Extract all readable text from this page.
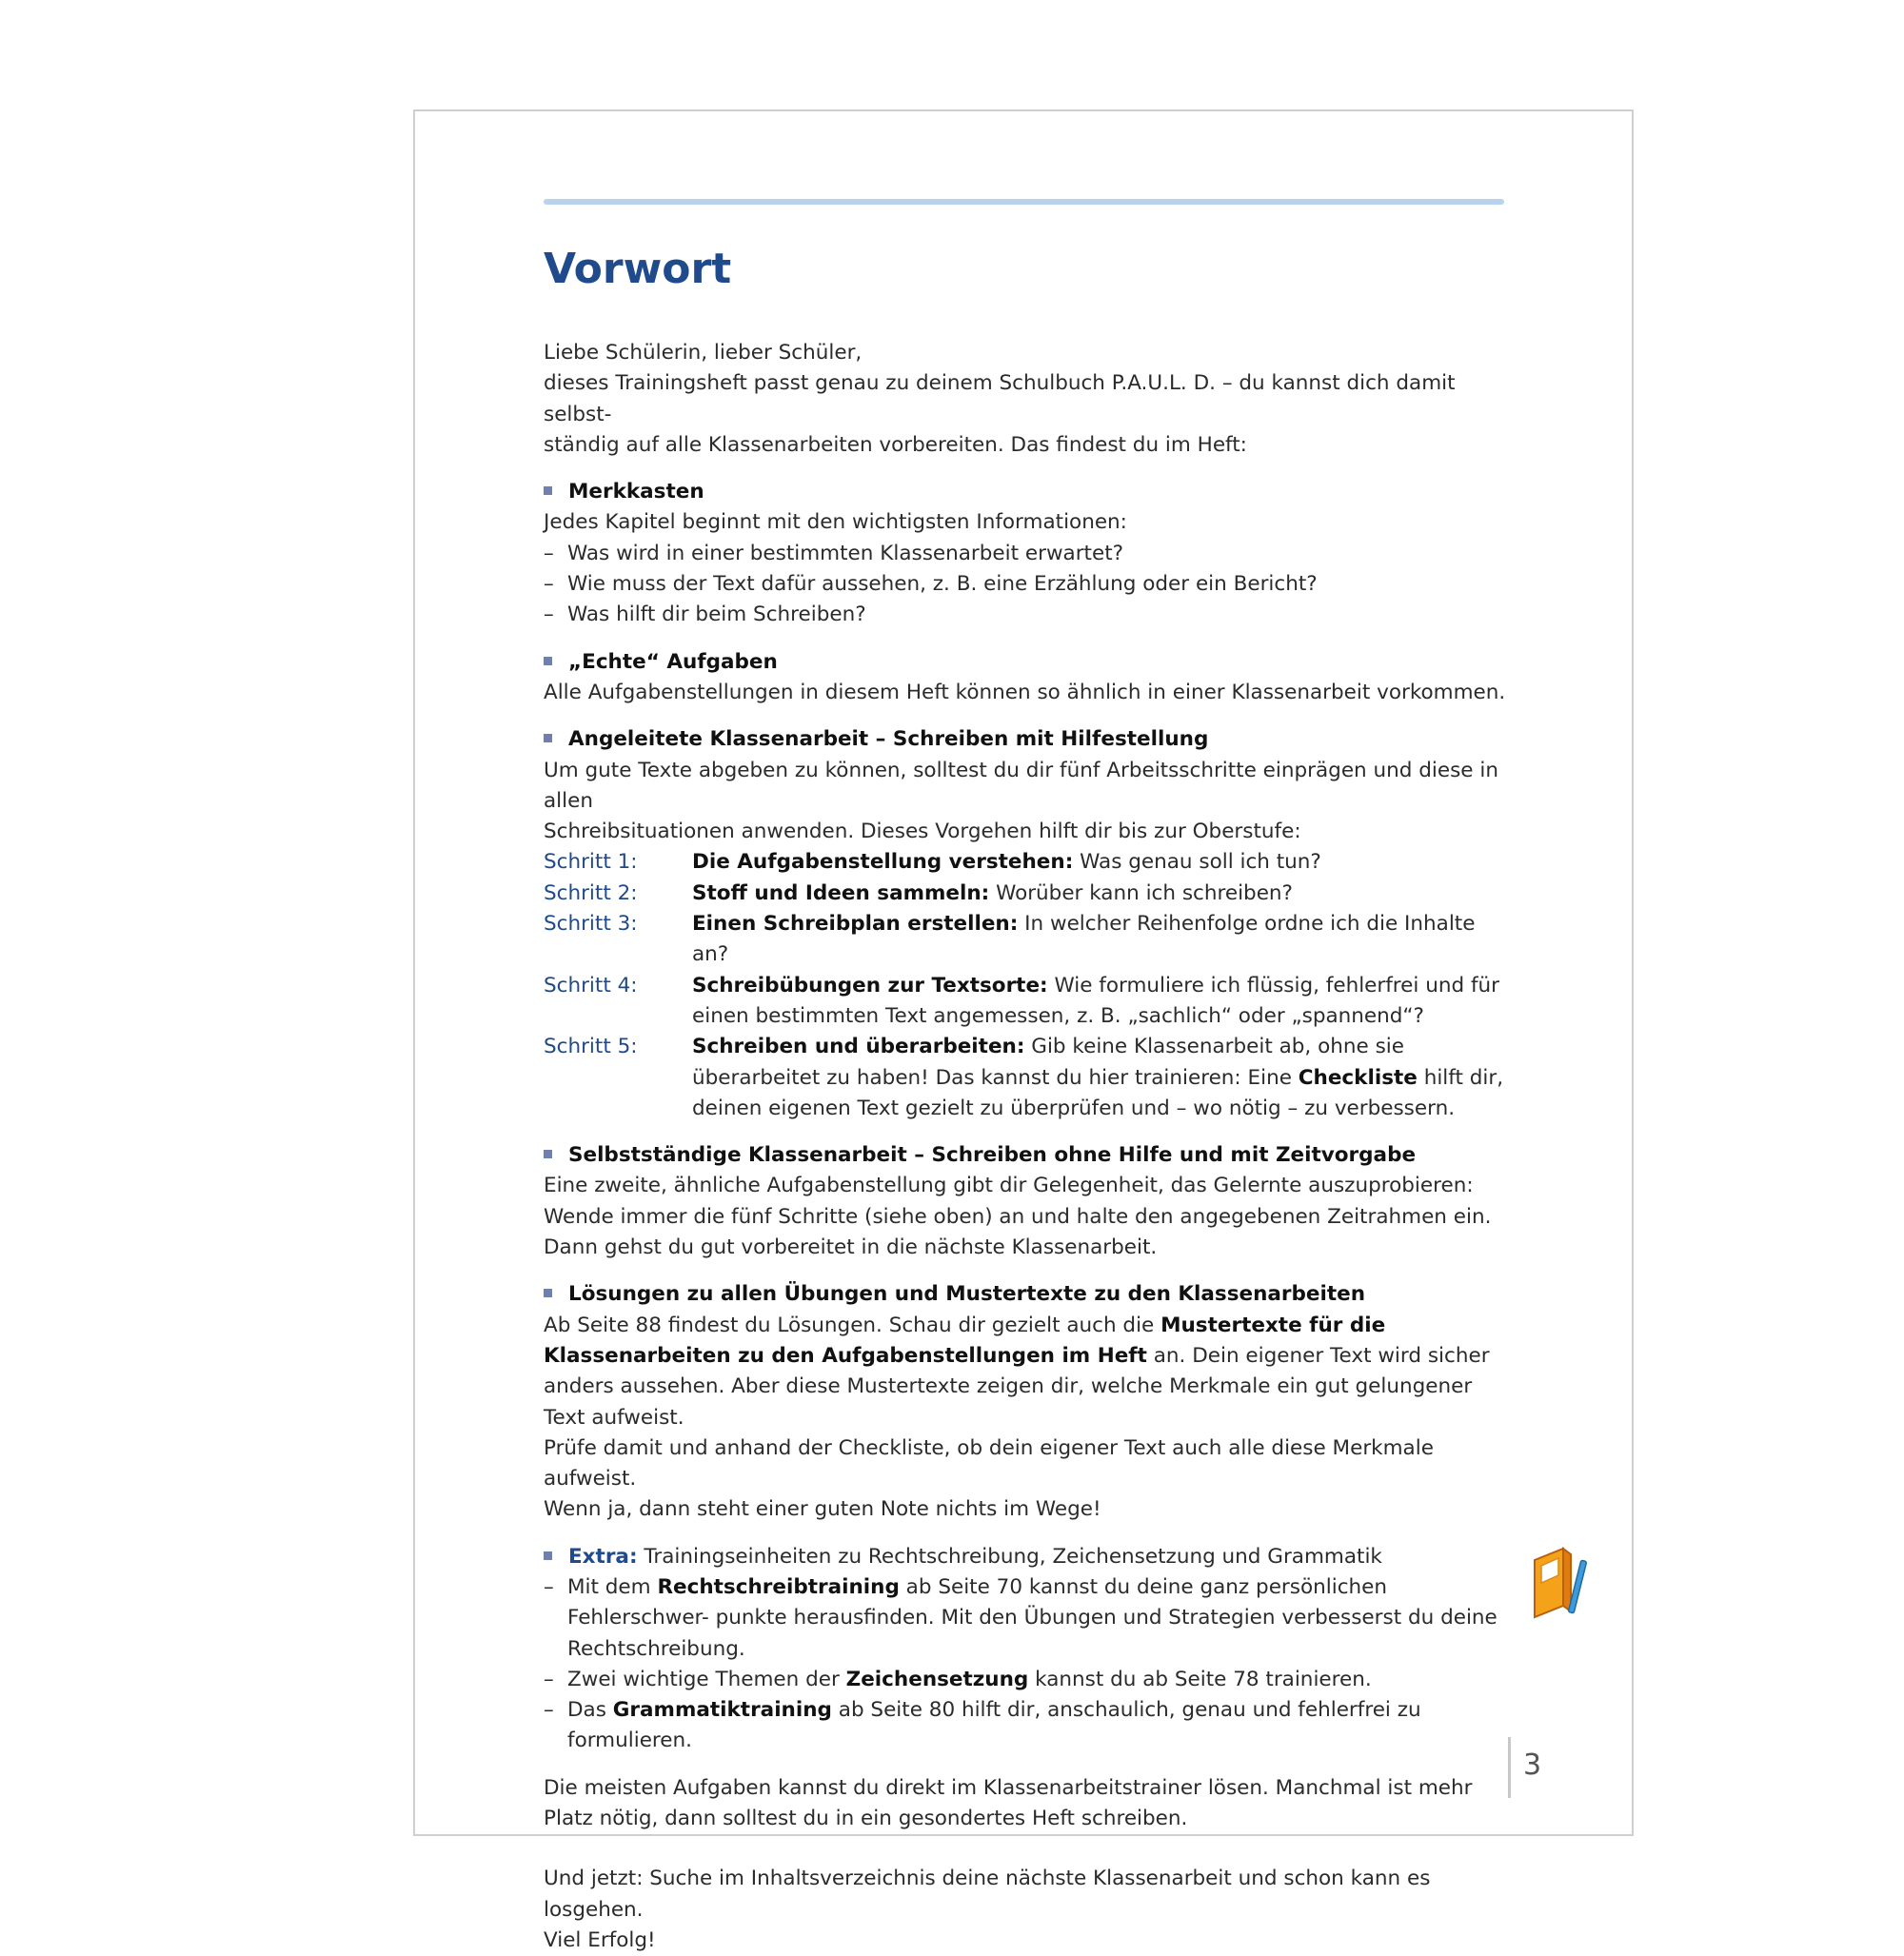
Vorwort

Liebe Schülerin, lieber Schüler,

dieses Trainingsheft passt genau zu deinem Schulbuch P.A.U.L. D. – du kannst dich damit selbst-

ständig auf alle Klassenarbeiten vorbereiten. Das findest du im Heft:

Merkkasten

Jedes Kapitel beginnt mit den wichtigsten Informationen:

– Was wird in einer bestimmten Klassenarbeit erwartet?
– Wie muss der Text dafür aussehen, z. B. eine Erzählung oder ein Bericht?
– Was hilft dir beim Schreiben?

„Echte“ Aufgaben

Alle Aufgabenstellungen in diesem Heft können so ähnlich in einer Klassenarbeit vorkommen.

Angeleitete Klassenarbeit – Schreiben mit Hilfestellung

Um gute Texte abgeben zu können, solltest du dir fünf Arbeitsschritte einprägen und diese in allen

Schreibsituationen anwenden. Dieses Vorgehen hilft dir bis zur Oberstufe:

Schritt 1:	Die Aufgabenstellung verstehen: Was genau soll ich tun?
Schritt 2:	Stoff und Ideen sammeln: Worüber kann ich schreiben?
Schritt 3:	Einen Schreibplan erstellen: In welcher Reihenfolge ordne ich die Inhalte an?
Schritt 4:	Schreibübungen zur Textsorte: Wie formuliere ich flüssig, fehlerfrei und für einen bestimmten Text angemessen, z. B. „sachlich“ oder „spannend“?
Schritt 5:	Schreiben und überarbeiten: Gib keine Klassenarbeit ab, ohne sie überarbeitet zu haben! Das kannst du hier trainieren: Eine Checkliste hilft dir, deinen eigenen Text gezielt zu überprüfen und – wo nötig – zu verbessern.

Selbstständige Klassenarbeit – Schreiben ohne Hilfe und mit Zeitvorgabe

Eine zweite, ähnliche Aufgabenstellung gibt dir Gelegenheit, das Gelernte auszuprobieren: Wende immer die fünf Schritte (siehe oben) an und halte den angegebenen Zeitrahmen ein. Dann gehst du gut vorbereitet in die nächste Klassenarbeit.

Lösungen zu allen Übungen und Mustertexte zu den Klassenarbeiten

Ab Seite 88 findest du Lösungen. Schau dir gezielt auch die Mustertexte für die Klassenarbeiten zu den Aufgabenstellungen im Heft an. Dein eigener Text wird sicher anders aussehen. Aber diese Mustertexte zeigen dir, welche Merkmale ein gut gelungener Text aufweist.

Prüfe damit und anhand der Checkliste, ob dein eigener Text auch alle diese Merkmale aufweist.

Wenn ja, dann steht einer guten Note nichts im Wege!

Extra: Trainingseinheiten zu Rechtschreibung, Zeichensetzung und Grammatik

– Mit dem Rechtschreibtraining ab Seite 70 kannst du deine ganz persönlichen Fehlerschwer- punkte herausfinden. Mit den Übungen und Strategien verbesserst du deine Rechtschreibung.
– Zwei wichtige Themen der Zeichensetzung kannst du ab Seite 78 trainieren.
– Das Grammatiktraining ab Seite 80 hilft dir, anschaulich, genau und fehlerfrei zu formulieren.

Die meisten Aufgaben kannst du direkt im Klassenarbeitstrainer lösen. Manchmal ist mehr Platz nötig, dann solltest du in ein gesondertes Heft schreiben.

Und jetzt: Suche im Inhaltsverzeichnis deine nächste Klassenarbeit und schon kann es losgehen.

Viel Erfolg!

3
